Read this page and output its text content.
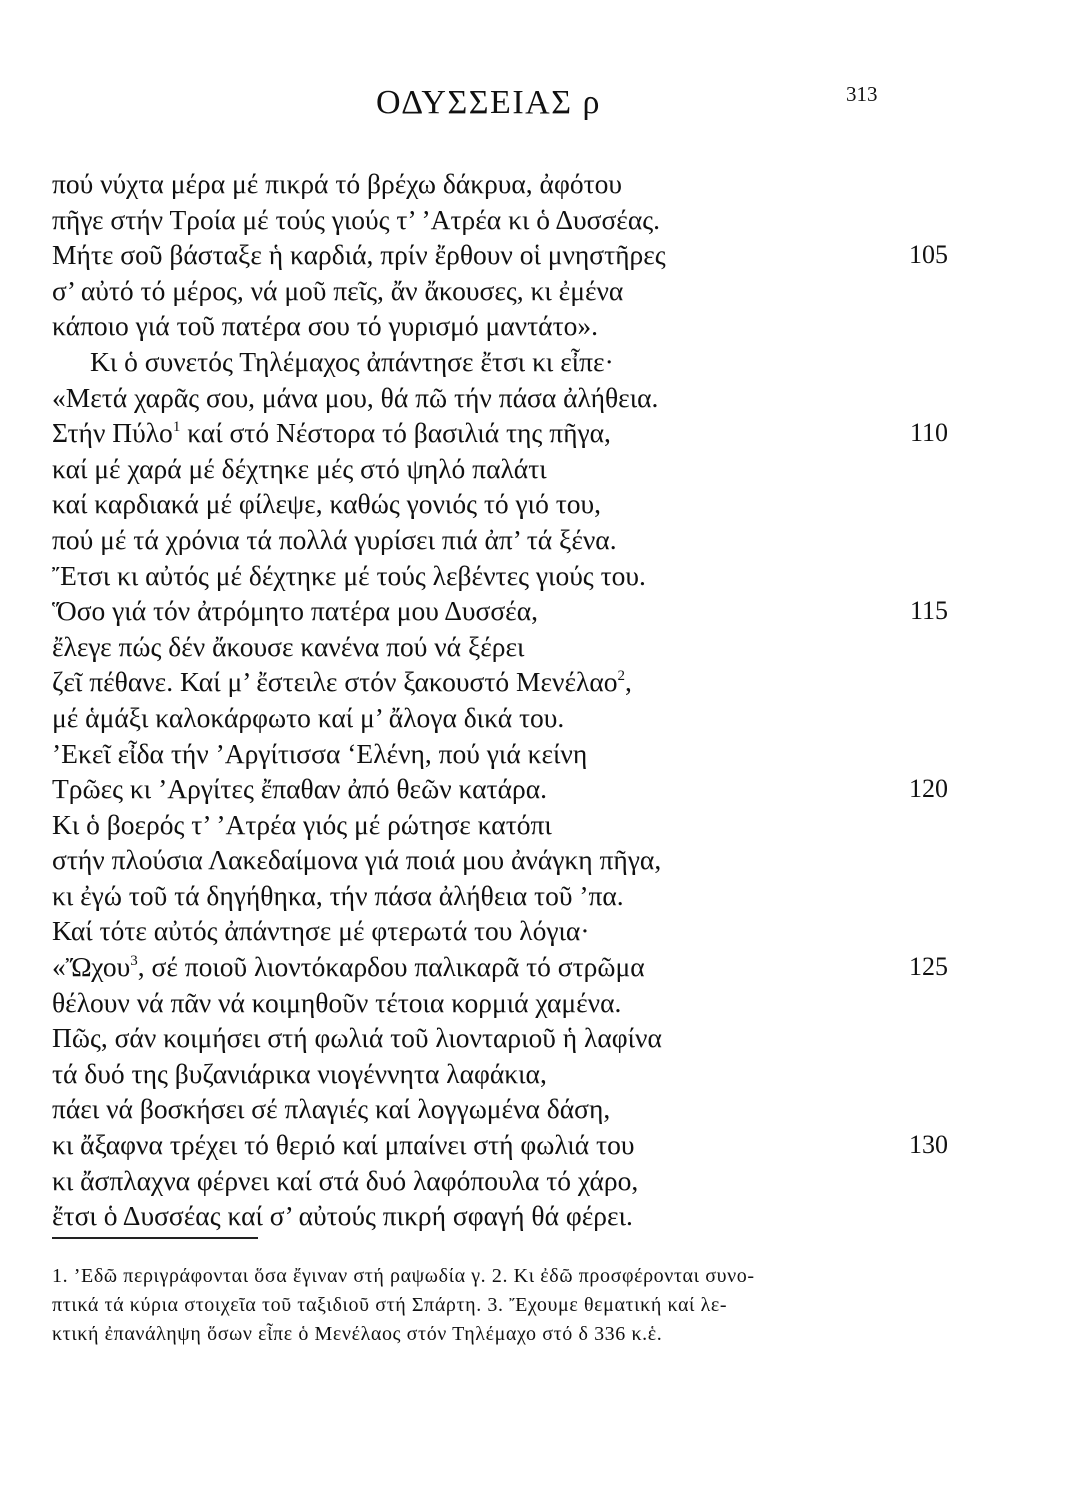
ΟΔΥΣΣΕΙΑΣ ρ	313
πού νύχτα μέρα μέ πικρά τό βρέχω δάκρυα, ἀφότου
πῆγε στήν Τροία μέ τούς γιούς τ’ ’Ατρέα κι ὁ Δυσσέας.
Μήτε σοῦ βάσταξε ἡ καρδιά, πρίν ἔρθουν οἱ μνηστῆρες	105
σ’ αὐτό τό μέρος, νά μοῦ πεῖς, ἄν ἄκουσες, κι ἐμένα
κάποιο γιά τοῦ πατέρα σου τό γυρισμό μαντάτο».
Κι ὁ συνετός Τηλέμαχος ἀπάντησε ἔτσι κι εἶπε·
«Μετά χαρᾶς σου, μάνα μου, θά πῶ τήν πάσα ἀλήθεια.
Στήν Πύλο$^1$ καί στό Νέστορα τό βασιλιά της πῆγα,	110
καί μέ χαρά μέ δέχτηκε μές στό ψηλό παλάτι
καί καρδιακά μέ φίλεψε, καθώς γονιός τό γιό του,
πού μέ τά χρόνια τά πολλά γυρίσει πιά ἀπ’ τά ξένα.
Ἔτσι κι αὐτός μέ δέχτηκε μέ τούς λεβέντες γιούς του.
Ὅσο γιά τόν ἀτρόμητο πατέρα μου Δυσσέα,	115
ἔλεγε πώς δέν ἄκουσε κανένα πού νά ξέρει
ζεῖ πέθανε. Καί μ’ ἔστειλε στόν ξακουστό Μενέλαο$^2$,
μέ ἁμάξι καλοκάρφωτο καί μ’ ἄλογα δικά του.
’Εκεῖ εἶδα τήν ’Αργίτισσα ‘Ελένη, πού γιά κείνη
Τρῶες κι ’Αργίτες ἔπαθαν ἀπό θεῶν κατάρα.	120
Κι ὁ βοερός τ’ ’Ατρέα γιός μέ ρώτησε κατόπι
στήν πλούσια Λακεδαίμονα γιά ποιά μου ἀνάγκη πῆγα,
κι ἐγώ τοῦ τά δηγήθηκα, τήν πάσα ἀλήθεια τοῦ ’πα.
Καί τότε αὐτός ἀπάντησε μέ φτερωτά του λόγια·
«Ὤχου$^3$, σέ ποιοῦ λιοντόκαρδου παλικαρᾶ τό στρῶμα	125
θέλουν νά πᾶν νά κοιμηθοῦν τέτοια κορμιά χαμένα.
Πῶς, σάν κοιμήσει στή φωλιά τοῦ λιονταριοῦ ἡ λαφίνα
τά δυό της βυζανιάρικα νιογέννητα λαφάκια,
πάει νά βοσκήσει σέ πλαγιές καί λογγωμένα δάση,
κι ἄξαφνα τρέχει τό θεριό καί μπαίνει στή φωλιά του	130
κι ἄσπλαχνα φέρνει καί στά δυό λαφόπουλα τό χάρο,
ἔτσι ὁ Δυσσέας καί σ’ αὐτούς πικρή σφαγή θά φέρει.
1. ’Εδῶ περιγράφονται ὅσα ἔγιναν στή ραψωδία γ. 2. Κι ἐδῶ προσφέρονται συνο-
πτικά τά κύρια στοιχεῖα τοῦ ταξιδιοῦ στή Σπάρτη. 3. Ἔχουμε θεματική καί λε-
κτική ἐπανάληψη ὅσων εἶπε ὁ Μενέλαος στόν Τηλέμαχο στό δ 336 κ.ἑ.
